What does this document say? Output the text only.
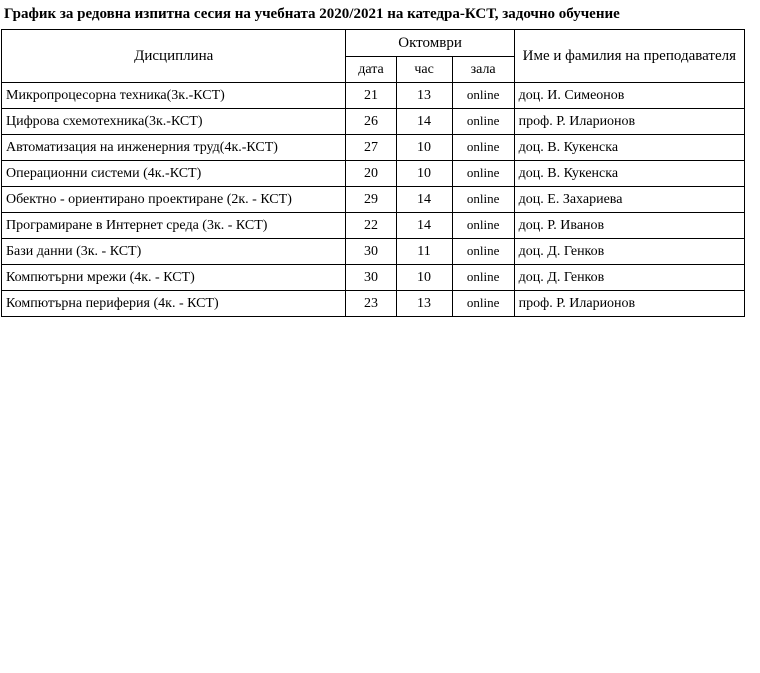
График за редовна изпитна сесия на учебната 2020/2021 на катедра-КСТ, задочно обучение
Дисциплина	Октомври			Име и фамилия на преподавателя
	дата	час	зала	
Микропроцесорна техника(3к.-КСТ)	21	13	online	доц. И. Симеонов
Цифрова схемотехника(3к.-КСТ)	26	14	online	проф. Р. Иларионов
Автоматизация на инженерния труд(4к.-КСТ)	27	10	online	доц. В. Кукенска
Операционни системи (4к.-КСТ)	20	10	online	доц. В. Кукенска
Обектно - ориентирано проектиране (2к. - КСТ)	29	14	online	доц. Е. Захариева
Програмиране в Интернет среда (3к. - КСТ)	22	14	online	доц. Р. Иванов
Бази данни (3к. - КСТ)	30	11	online	доц. Д. Генков
Компютърни мрежи (4к. - КСТ)	30	10	online	доц. Д. Генков
Компютърна периферия (4к. - КСТ)	23	13	online	проф. Р. Иларионов
